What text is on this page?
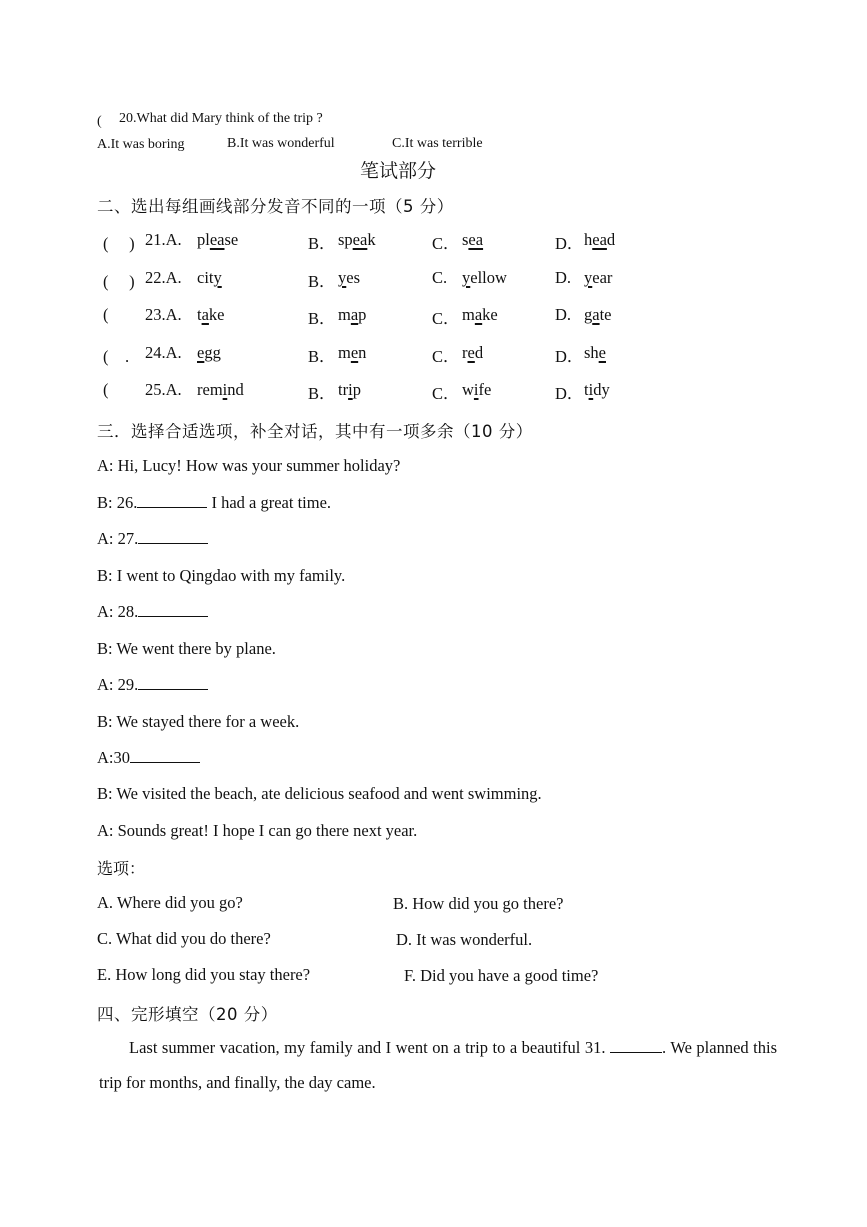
( 20.What did Mary think of the trip ?
A.It was boring	B.It was wonderful	C.It was terrible
笔试部分
二、选出每组画线部分发音不同的一项（5 分）
(　 ) 21.A. please	B． speak	C． sea	D． head
(　 ) 22.A. city	B． yes	C. yellow	D. year
( 23.A. take	B． map	C． make	D. gate
(　. 24.A. egg	B． men	C． red	D． she
( 25.A. remind	B． trip	C． wife	D． tidy
三．选择合适选项，补全对话，其中有一项多余（10 分）
A: Hi, Lucy! How was your summer holiday?
B: 26.	I had a great time.
A: 27.
B: I went to Qingdao with my family.
A: 28.
B: We went there by plane.
A: 29.
B: We stayed there for a week.
A:30
B: We visited the beach, ate delicious seafood and went swimming.
A: Sounds great! I hope I can go there next year.
选项：
A. Where did you go?	B. How did you go there?
C. What did you do there?	D. It was wonderful.
E. How long did you stay there?	F. Did you have a good time?
四、完形填空（20 分）
Last summer vacation, my family and I went on a trip to a beautiful 31.	. We planned this trip for months, and finally, the day came.
